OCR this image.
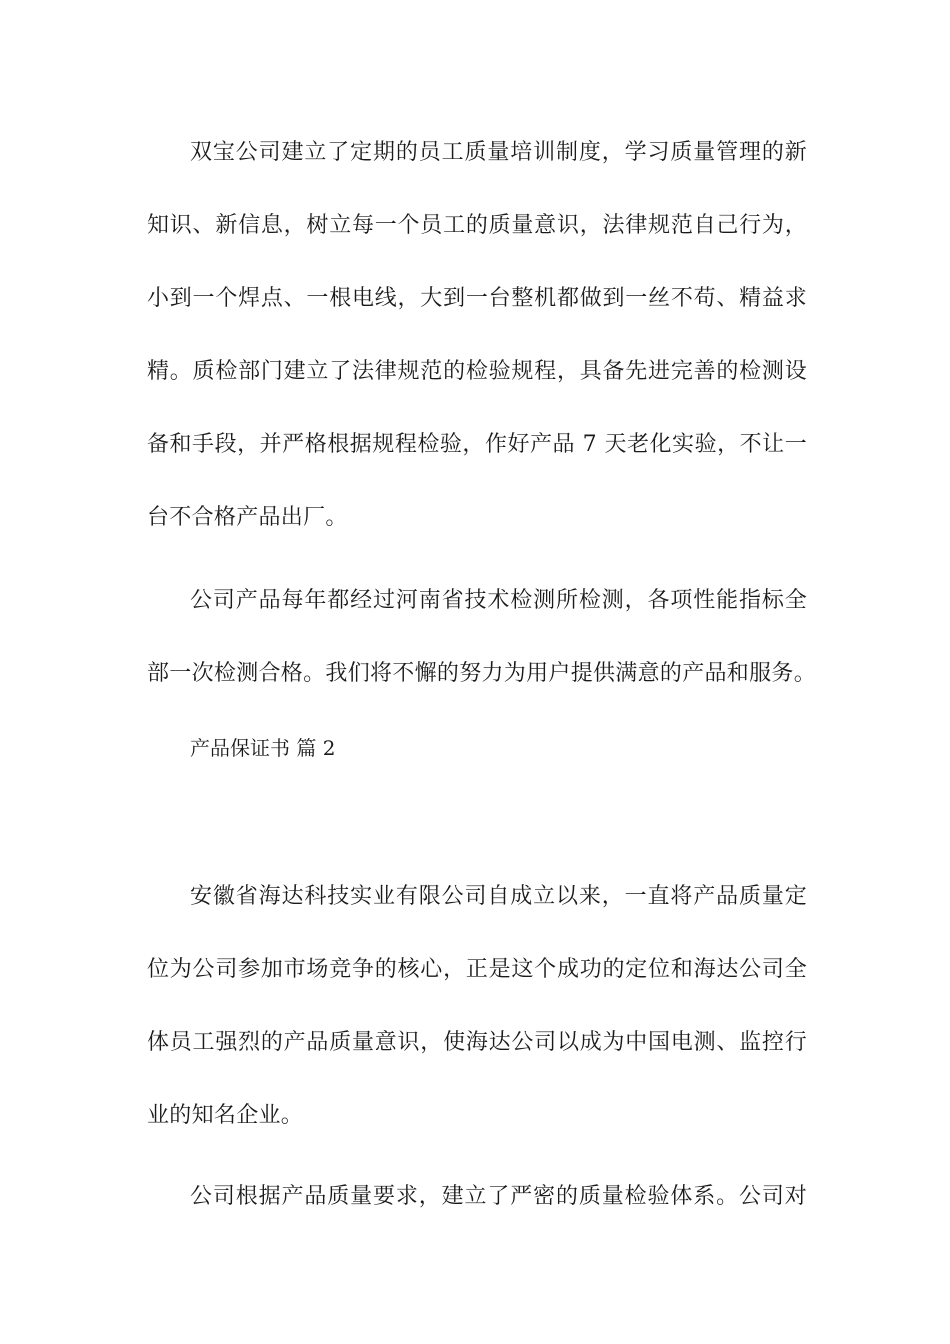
双宝公司建立了定期的员工质量培训制度，学习质量管理的新
知识、新信息，树立每一个员工的质量意识，法律规范自己行为，
小到一个焊点、一根电线，大到一台整机都做到一丝不苟、精益求
精。质检部门建立了法律规范的检验规程，具备先进完善的检测设
备和手段，并严格根据规程检验，作好产品 7 天老化实验，不让一
台不合格产品出厂。
公司产品每年都经过河南省技术检测所检测，各项性能指标全
部一次检测合格。我们将不懈的努力为用户提供满意的产品和服务。
产品保证书 篇 2
安徽省海达科技实业有限公司自成立以来，一直将产品质量定
位为公司参加市场竞争的核心，正是这个成功的定位和海达公司全
体员工强烈的产品质量意识，使海达公司以成为中国电测、监控行
业的知名企业。
公司根据产品质量要求，建立了严密的质量检验体系。公司对
